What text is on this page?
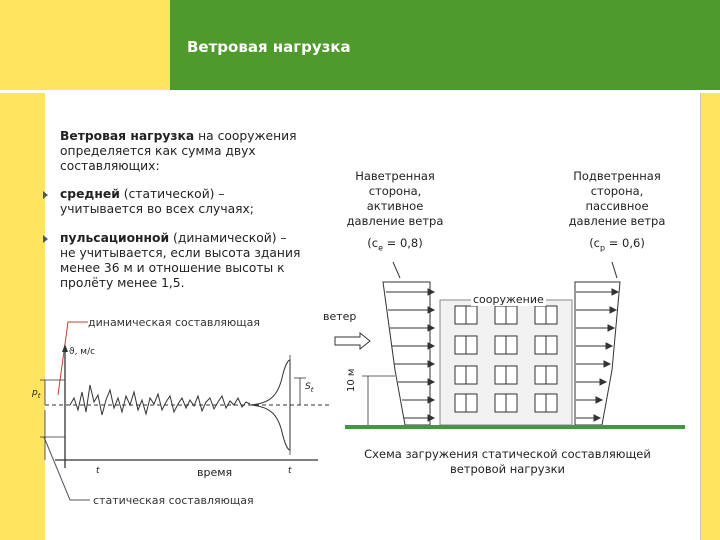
Ветровая нагрузка
Ветровая нагрузка на сооружения
определяется как сумма двух
составляющих:
средней (статической) –
учитывается во всех случаях;
пульсационной (динамической) –
не учитывается, если высота здания
менее 36 м и отношение высоты к
пролёту менее 1,5.
динамическая составляющая
статическая составляющая
время
ϑ, м/с
t	t
$S_t$
$p_t$
Наветренная
сторона,
активное
давление ветра
$(c_e = 0,8)$
Подветренная
сторона,
пассивное
давление ветра
$(c_p = 0,6)$
сооружение
ветер
10 м
Схема загружения статической составляющей
ветровой нагрузки
